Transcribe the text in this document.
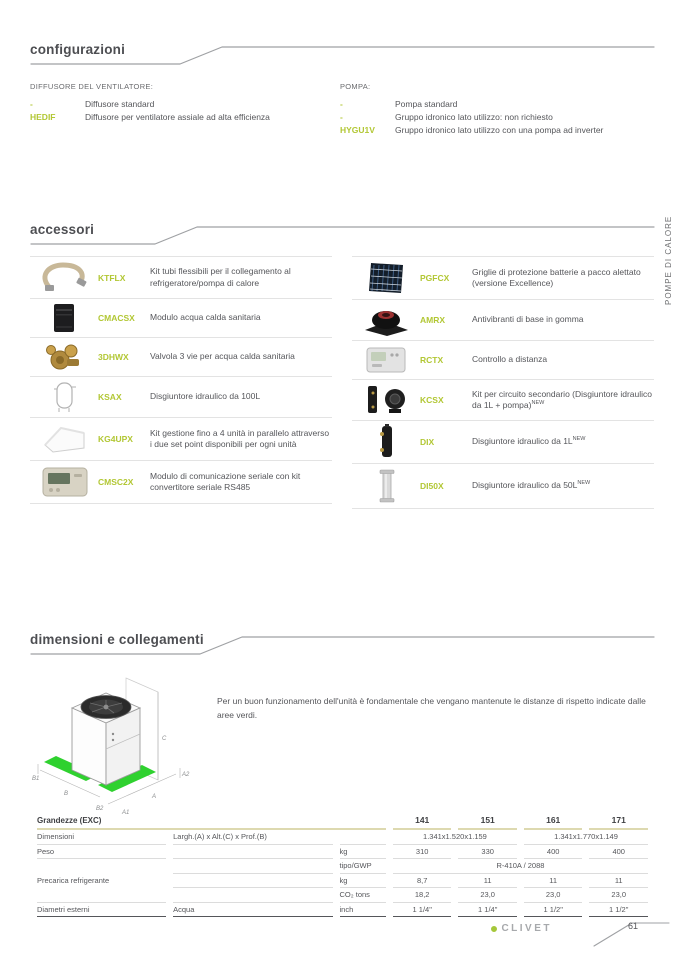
configurazioni
DIFFUSORE DEL VENTILATORE:
-	Diffusore standard
HEDIF	Diffusore per ventilatore assiale ad alta efficienza
POMPA:
-	Pompa standard
-	Gruppo idronico lato utilizzo: non richiesto
HYGU1V	Gruppo idronico lato utilizzo con una pompa ad inverter
POMPE DI CALORE
accessori
KTFLX
Kit tubi flessibili per il collegamento al refrigeratore/pompa di calore
CMACSX	Modulo acqua calda sanitaria
3DHWX	Valvola 3 vie per acqua calda sanitaria
KSAX	Disgiuntore idraulico da 100L
KG4UPX
Kit gestione fino a 4 unità in parallelo attraverso i due set point disponibili per ogni unità
CMSC2X
Modulo di comunicazione seriale con kit convertitore seriale RS485
PGFCX
Griglie di protezione batterie a pacco alettato (versione Excellence)
AMRX	Antivibranti di base in gomma
RCTX	Controllo a distanza
KCSX
Kit per circuito secondario (Disgiuntore idraulico da 1L + pompa)$^{NEW}$
DIX	Disgiuntore idraulico da $1L^{NEW}$
DI50X	Disgiuntore idraulico da $50L^{NEW}$
dimensioni e collegamenti
B1
B
B2
A1
A
A2
C
Per un buon funzionamento dell'unità è fondamentale che vengano mantenute le distanze di rispetto indicate dalle aree verdi.
Grandezze (EXC)			141	151	161	171
Dimensioni	Largh.(A) x Alt.(C) x Prof.(B)		1.341x1.520x1.159		1.341x1.770x1.149	
Peso		kg	310	330	400	400
Precarica refrigerante		tipo/GWP	R-410A / 2088			
		kg	8,7	11	11	11
		CO₂ tons	18,2	23,0	23,0	23,0
Diametri esterni	Acqua	inch	1 1/4"	1 1/4"	1 1/2"	1 1/2"
CLIVET	61
